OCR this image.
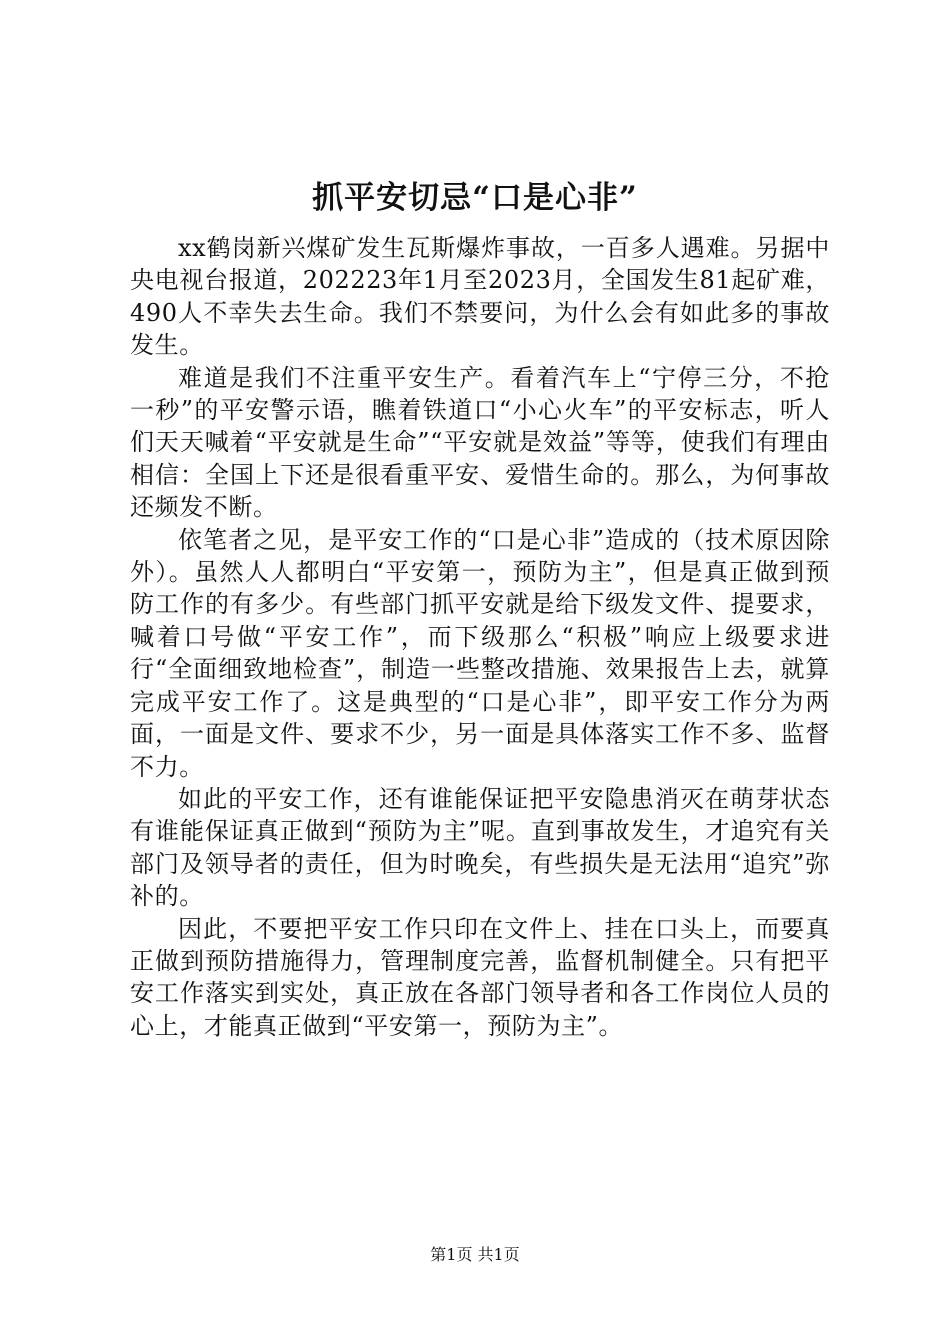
抓平安切忌“口是心非”

xx鹤岗新兴煤矿发生瓦斯爆炸事故，一百多人遇难。另据中央电视台报道，202223年1月至2023月，全国发生81起矿难，490人不幸失去生命。我们不禁要问，为什么会有如此多的事故发生。

难道是我们不注重平安生产。看着汽车上“宁停三分，不抢一秒”的平安警示语，瞧着铁道口“小心火车”的平安标志，听人们天天喊着“平安就是生命”“平安就是效益”等等，使我们有理由相信：全国上下还是很看重平安、爱惜生命的。那么，为何事故还频发不断。

依笔者之见，是平安工作的“口是心非”造成的（技术原因除外）。虽然人人都明白“平安第一，预防为主”，但是真正做到预防工作的有多少。有些部门抓平安就是给下级发文件、提要求，喊着口号做“平安工作”，而下级那么“积极”响应上级要求进行“全面细致地检查”，制造一些整改措施、效果报告上去，就算完成平安工作了。这是典型的“口是心非”，即平安工作分为两面，一面是文件、要求不少，另一面是具体落实工作不多、监督不力。

如此的平安工作，还有谁能保证把平安隐患消灭在萌芽状态有谁能保证真正做到“预防为主”呢。直到事故发生，才追究有关部门及领导者的责任，但为时晚矣，有些损失是无法用“追究”弥补的。

因此，不要把平安工作只印在文件上、挂在口头上，而要真正做到预防措施得力，管理制度完善，监督机制健全。只有把平安工作落实到实处，真正放在各部门领导者和各工作岗位人员的心上，才能真正做到“平安第一，预防为主”。

第1页 共1页
